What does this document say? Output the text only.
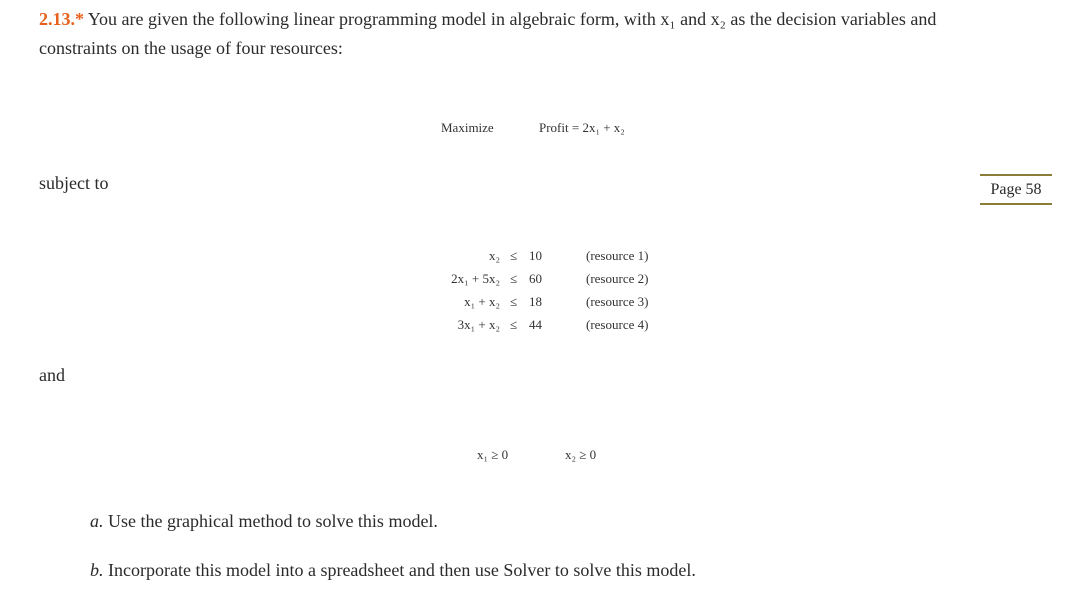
2.13.* You are given the following linear programming model in algebraic form, with x₁ and x₂ as the decision variables and
constraints on the usage of four resources:
Maximize	Profit = 2x₁ + x₂
subject to	Page 58
x₂ ≤ 10	(resource 1)
2x₁ + 5x₂ ≤ 60	(resource 2)
x₁ + x₂ ≤ 18	(resource 3)
3x₁ + x₂ ≤ 44	(resource 4)
and
x₁ ≥ 0	x₂ ≥ 0
a. Use the graphical method to solve this model.
b. Incorporate this model into a spreadsheet and then use Solver to solve this model.
